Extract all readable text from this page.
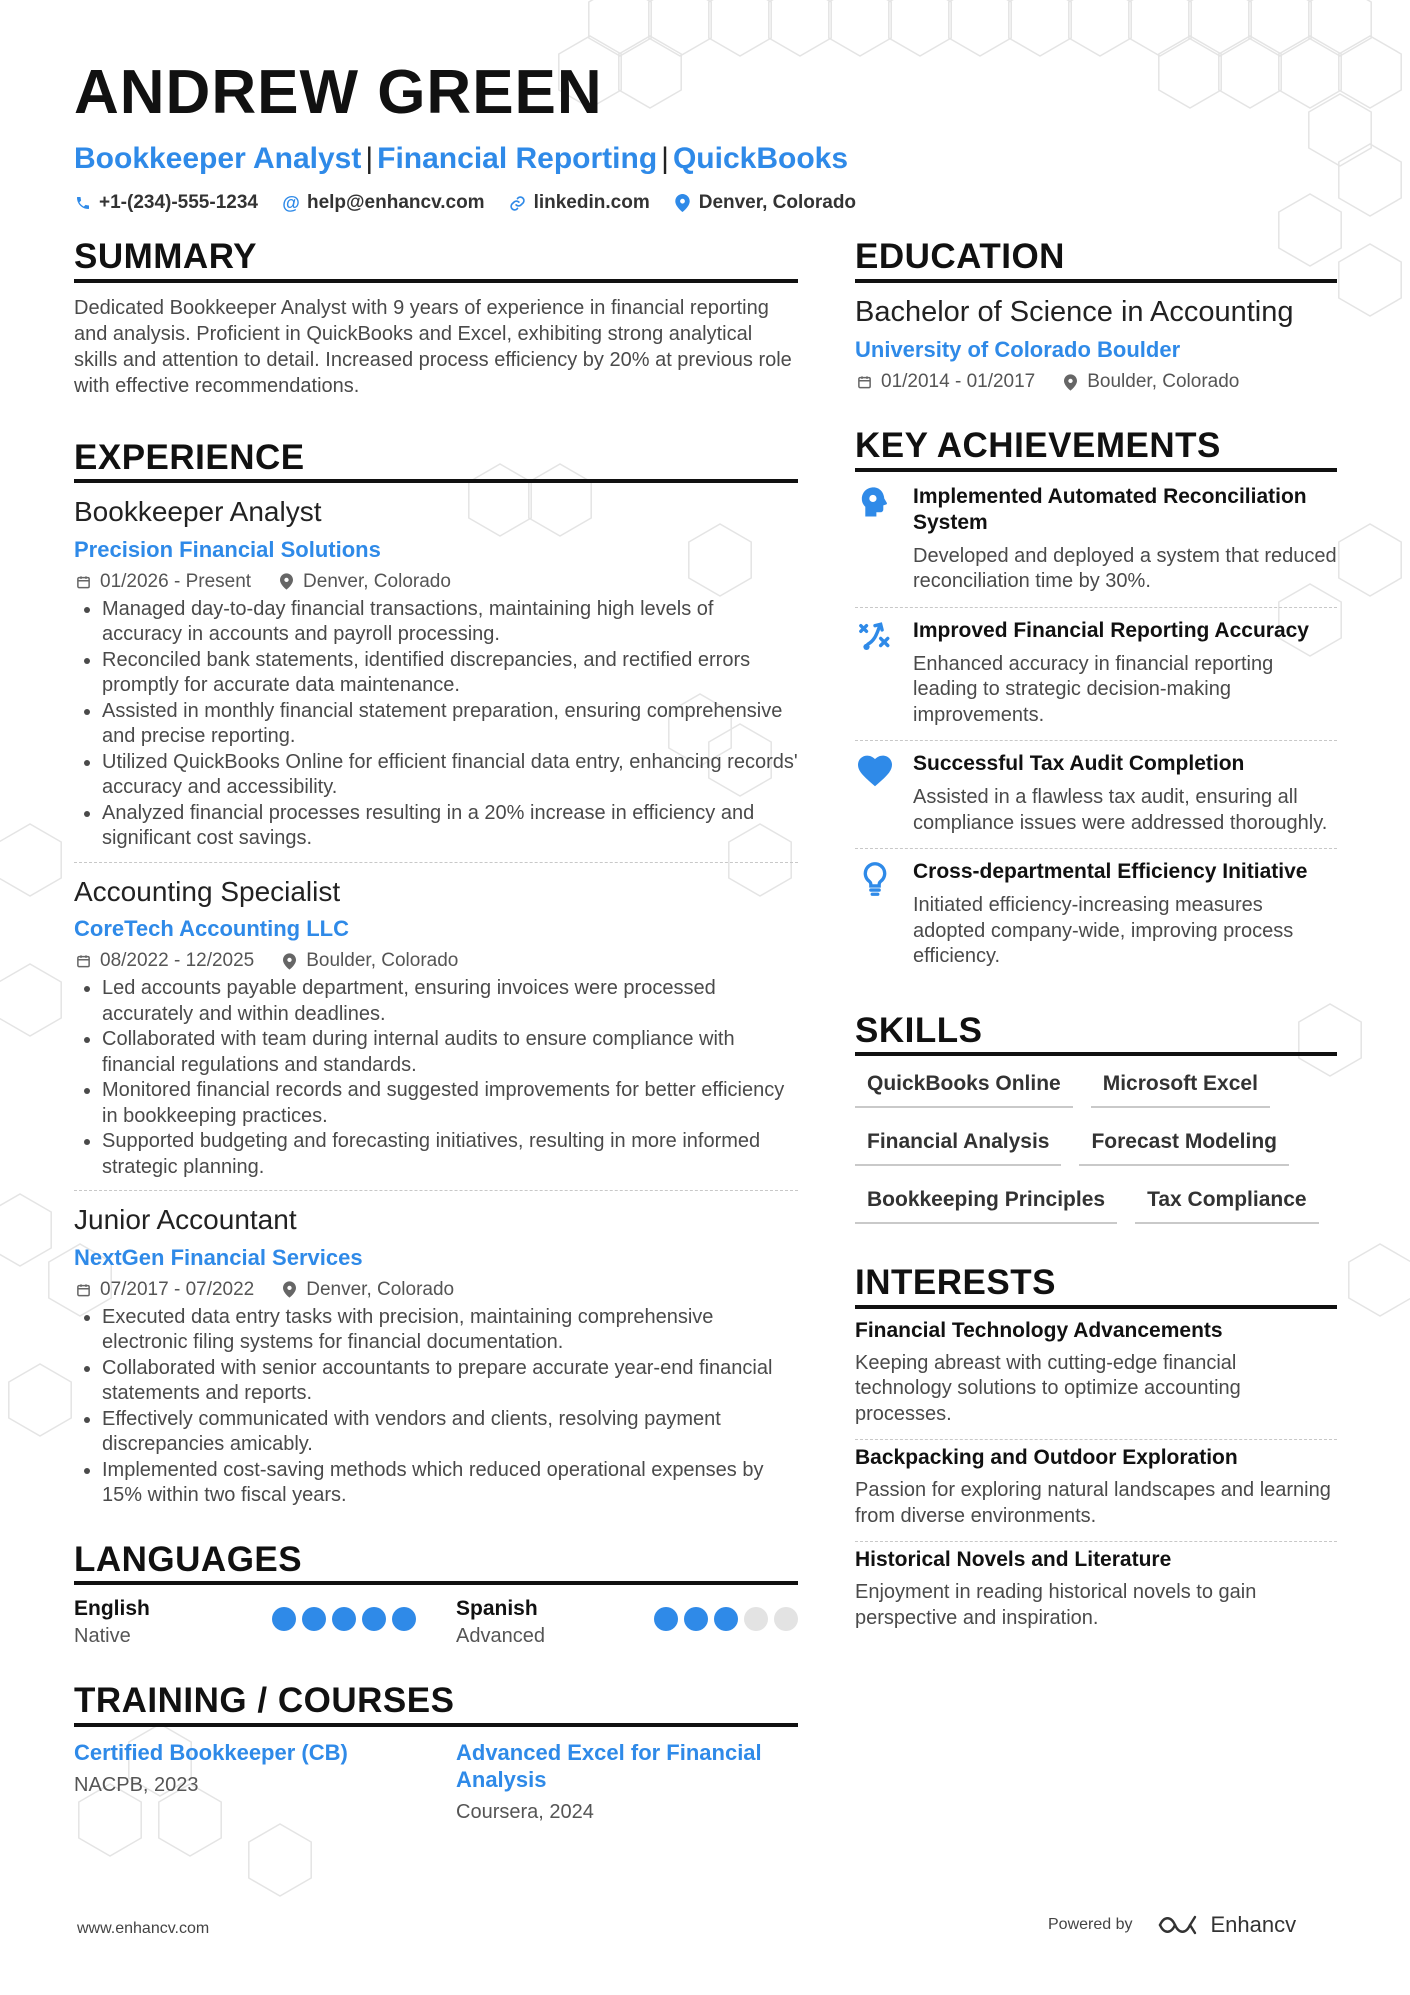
ANDREW GREEN
Bookkeeper Analyst | Financial Reporting | QuickBooks
+1-(234)-555-1234 @ help@enhancv.com	linkedin.com	Denver, Colorado
SUMMARY
Dedicated Bookkeeper Analyst with 9 years of experience in financial reporting and analysis. Proficient in QuickBooks and Excel, exhibiting strong analytical skills and attention to detail. Increased process efficiency by 20% at previous role with effective recommendations.
EXPERIENCE
Bookkeeper Analyst
Precision Financial Solutions
01/2026 - Present	Denver, Colorado
• Managed day-to-day financial transactions, maintaining high levels of accuracy in accounts and payroll processing.
• Reconciled bank statements, identified discrepancies, and rectified errors promptly for accurate data maintenance.
• Assisted in monthly financial statement preparation, ensuring comprehensive and precise reporting.
• Utilized QuickBooks Online for efficient financial data entry, enhancing records' accuracy and accessibility.
• Analyzed financial processes resulting in a 20% increase in efficiency and significant cost savings.
Accounting Specialist
CoreTech Accounting LLC
08/2022 - 12/2025	Boulder, Colorado
• Led accounts payable department, ensuring invoices were processed accurately and within deadlines.
• Collaborated with team during internal audits to ensure compliance with financial regulations and standards.
• Monitored financial records and suggested improvements for better efficiency in bookkeeping practices.
• Supported budgeting and forecasting initiatives, resulting in more informed strategic planning.
Junior Accountant
NextGen Financial Services
07/2017 - 07/2022	Denver, Colorado
• Executed data entry tasks with precision, maintaining comprehensive electronic filing systems for financial documentation.
• Collaborated with senior accountants to prepare accurate year-end financial statements and reports.
• Effectively communicated with vendors and clients, resolving payment discrepancies amicably.
• Implemented cost-saving methods which reduced operational expenses by 15% within two fiscal years.
LANGUAGES
English
Native
Spanish
Advanced
TRAINING / COURSES
Certified Bookkeeper (CB)
NACPB, 2023
Advanced Excel for Financial Analysis
Coursera, 2024
EDUCATION
Bachelor of Science in Accounting
University of Colorado Boulder
01/2014 - 01/2017	Boulder, Colorado
KEY ACHIEVEMENTS
Implemented Automated Reconciliation System
Developed and deployed a system that reduced reconciliation time by 30%.
Improved Financial Reporting Accuracy
Enhanced accuracy in financial reporting leading to strategic decision-making improvements.
Successful Tax Audit Completion
Assisted in a flawless tax audit, ensuring all compliance issues were addressed thoroughly.
Cross-departmental Efficiency Initiative
Initiated efficiency-increasing measures adopted company-wide, improving process efficiency.
SKILLS
QuickBooks Online	Microsoft Excel
Financial Analysis	Forecast Modeling
Bookkeeping Principles	Tax Compliance
INTERESTS
Financial Technology Advancements
Keeping abreast with cutting-edge financial technology solutions to optimize accounting processes.
Backpacking and Outdoor Exploration
Passion for exploring natural landscapes and learning from diverse environments.
Historical Novels and Literature
Enjoyment in reading historical novels to gain perspective and inspiration.
www.enhancv.com	Powered by	Enhancv
